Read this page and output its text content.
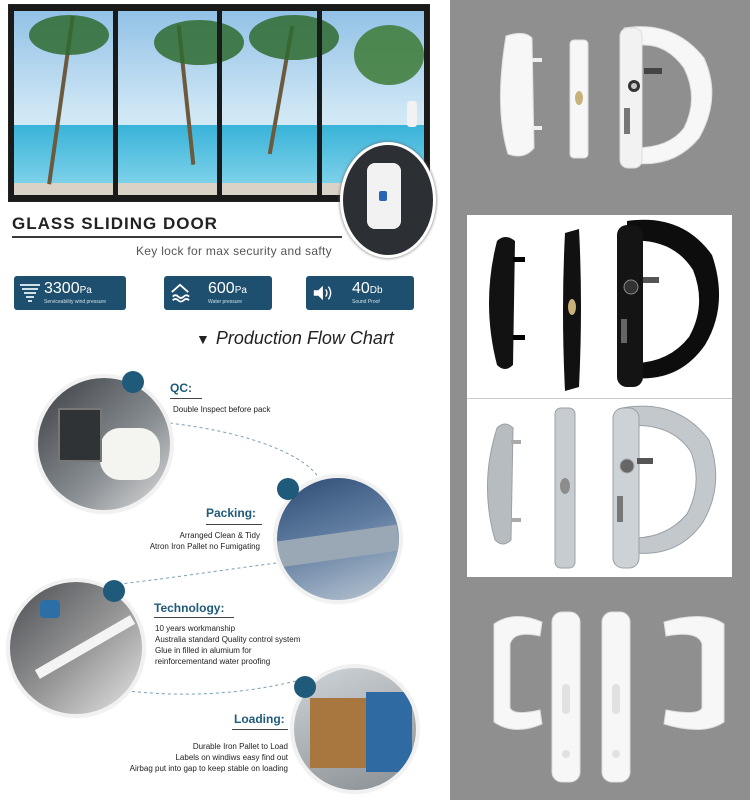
GLASS SLIDING DOOR
Key lock for max security and safty
3300Pa
Serviceability wind pressure
600Pa
Water pressure
40Db
Sound Proof
▼ Production Flow Chart
QC:
Double Inspect before pack
Packing:
Arranged Clean & Tidy
Atron Iron Pallet no Fumigating
Technology:
10 years workmanship
Australia standard Quality control system
Glue in filled in alumium for
reinforcementand water proofing
Loading:
Durable Iron Pallet to Load
Labels on windiws easy find out
Airbag put into gap to keep stable on loading
